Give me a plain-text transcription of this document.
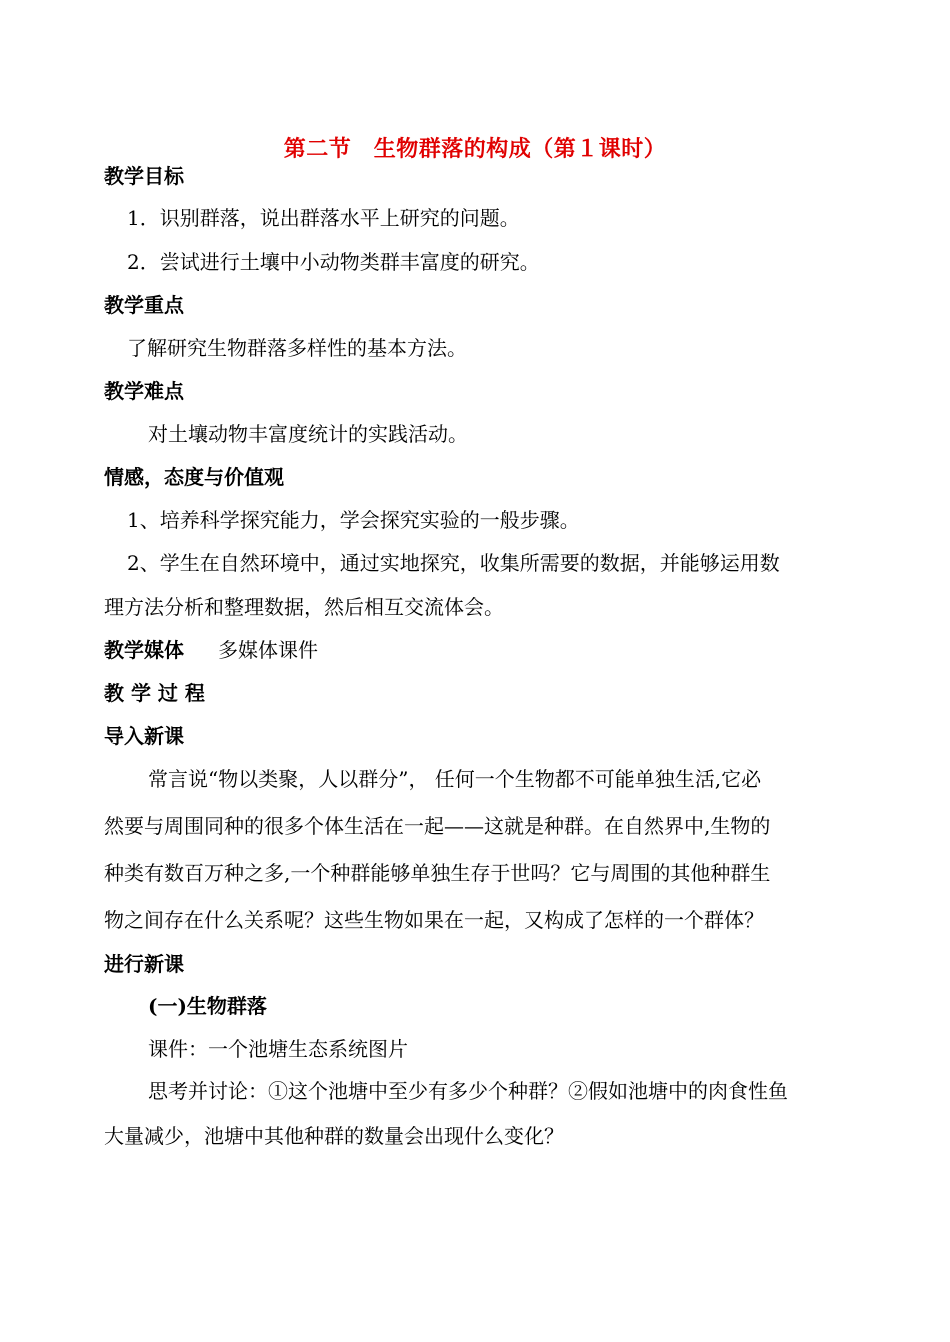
第二节　生物群落的构成（第１课时）
教学目标
1．识别群落，说出群落水平上研究的问题。
2．尝试进行土壤中小动物类群丰富度的研究。
教学重点
了解研究生物群落多样性的基本方法。
教学难点
对土壤动物丰富度统计的实践活动。
情感，态度与价值观
1、培养科学探究能力，学会探究实验的一般步骤。
2、学生在自然环境中，通过实地探究，收集所需要的数据，并能够运用数
理方法分析和整理数据，然后相互交流体会。
教学媒体 多媒体课件
教 学 过 程
导入新课
常言说“物以类聚，人以群分”， 任何一个生物都不可能单独生活,它必
然要与周围同种的很多个体生活在一起——这就是种群。在自然界中,生物的
种类有数百万种之多,一个种群能够单独生存于世吗？它与周围的其他种群生
物之间存在什么关系呢？这些生物如果在一起，又构成了怎样的一个群体？
进行新课
(一)生物群落
课件：一个池塘生态系统图片
思考并讨论：①这个池塘中至少有多少个种群？②假如池塘中的肉食性鱼
大量减少，池塘中其他种群的数量会出现什么变化？
